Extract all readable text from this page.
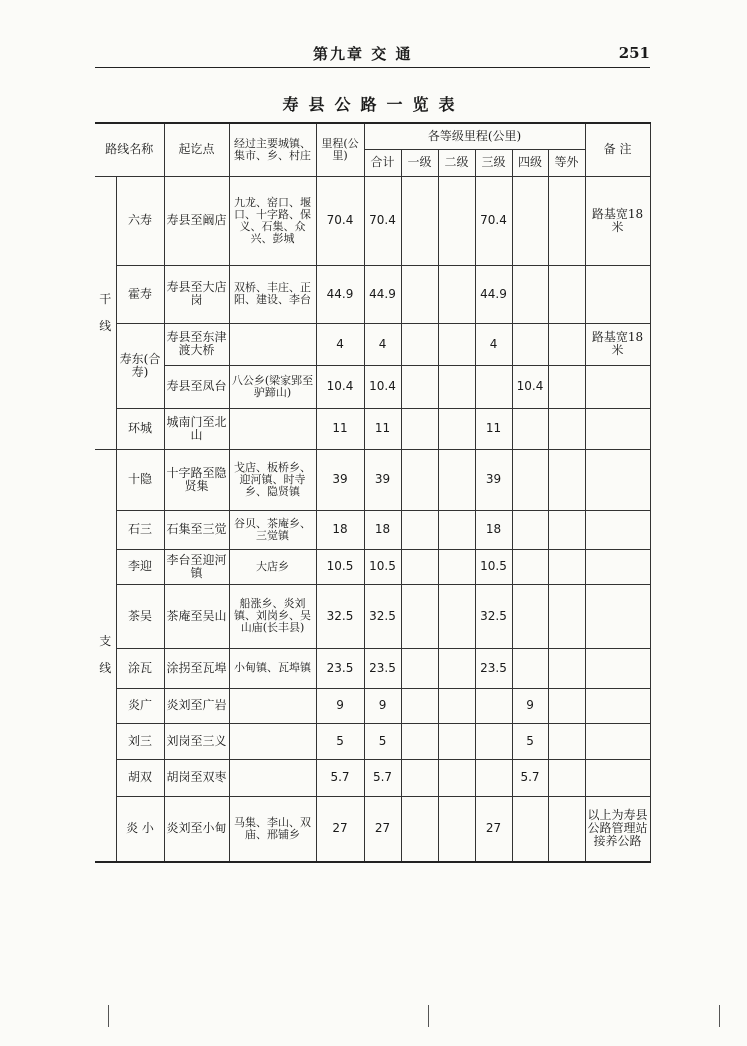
第九章 交 通	251
寿县公路一览表
路线名称		起讫点	经过主要城镇、集市、乡、村庄	里程(公里)	各等级里程(公里)						备 注
					合计	一级	二级	三级	四级	等外	

干
线	六寿	寿县至阚店	九龙、窑口、堰口、十字路、保义、石集、众兴、彭城	70.4	70.4			70.4			路基宽18米
	霍寿	寿县至大店岗	双桥、丰庄、正阳、建设、李台	44.9	44.9			44.9			
	寿东(合寿)	寿县至东津渡大桥		4	4			4			路基宽18米
		寿县至凤台	八公乡(梁家郢至驴蹄山)	10.4	10.4				10.4		
	环城	城南门至北山		11	11			11			

支
线	十隐	十字路至隐贤集	戈店、板桥乡、迎河镇、时寺乡、隐贤镇	39	39			39			
	石三	石集至三觉	谷贝、茶庵乡、三觉镇	18	18			18			
	李迎	李台至迎河镇	大店乡	10.5	10.5			10.5			
	茶吴	茶庵至吴山	船涨乡、炎刘镇、刘岗乡、吴山庙(长丰县)	32.5	32.5			32.5			
	涂瓦	涂拐至瓦埠	小甸镇、瓦埠镇	23.5	23.5			23.5			
	炎广	炎刘至广岩		9	9				9		
	刘三	刘岗至三义		5	5				5		
	胡双	胡岗至双枣		5.7	5.7				5.7		
	炎 小	炎刘至小甸	马集、李山、双庙、邢铺乡	27	27			27			以上为寿县公路管理站接养公路
